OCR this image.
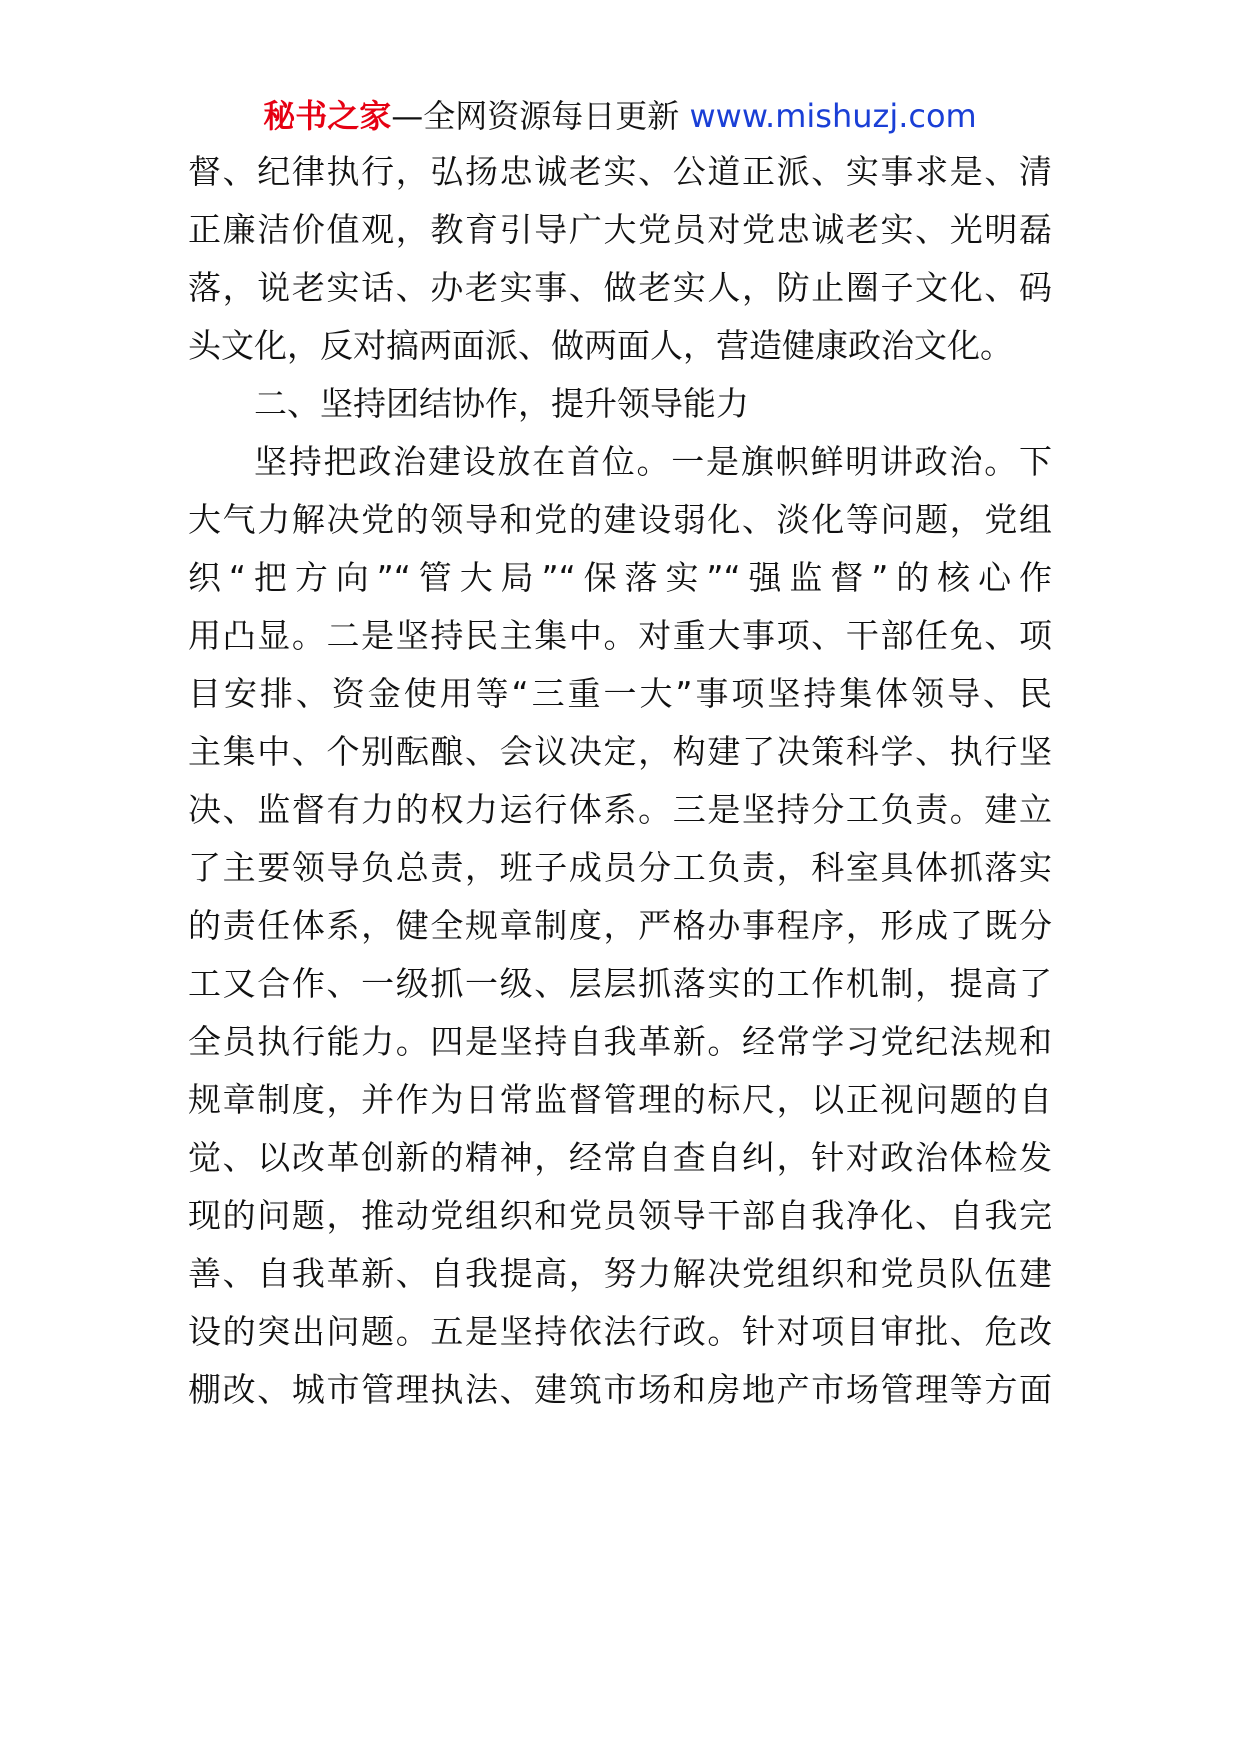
秘书之家—全网资源每日更新 www.mishuzj.com
督、纪律执行，弘扬忠诚老实、公道正派、实事求是、清
正廉洁价值观，教育引导广大党员对党忠诚老实、光明磊
落，说老实话、办老实事、做老实人，防止圈子文化、码
头文化，反对搞两面派、做两面人，营造健康政治文化。
二、坚持团结协作，提升领导能力
坚持把政治建设放在首位。一是旗帜鲜明讲政治。下
大气力解决党的领导和党的建设弱化、淡化等问题，党组
织“把方向”“管大局”“保落实”“强监督”的核心作
用凸显。二是坚持民主集中。对重大事项、干部任免、项
目安排、资金使用等“三重一大”事项坚持集体领导、民
主集中、个别酝酿、会议决定，构建了决策科学、执行坚
决、监督有力的权力运行体系。三是坚持分工负责。建立
了主要领导负总责，班子成员分工负责，科室具体抓落实
的责任体系，健全规章制度，严格办事程序，形成了既分
工又合作、一级抓一级、层层抓落实的工作机制，提高了
全员执行能力。四是坚持自我革新。经常学习党纪法规和
规章制度，并作为日常监督管理的标尺，以正视问题的自
觉、以改革创新的精神，经常自查自纠，针对政治体检发
现的问题，推动党组织和党员领导干部自我净化、自我完
善、自我革新、自我提高，努力解决党组织和党员队伍建
设的突出问题。五是坚持依法行政。针对项目审批、危改
棚改、城市管理执法、建筑市场和房地产市场管理等方面
